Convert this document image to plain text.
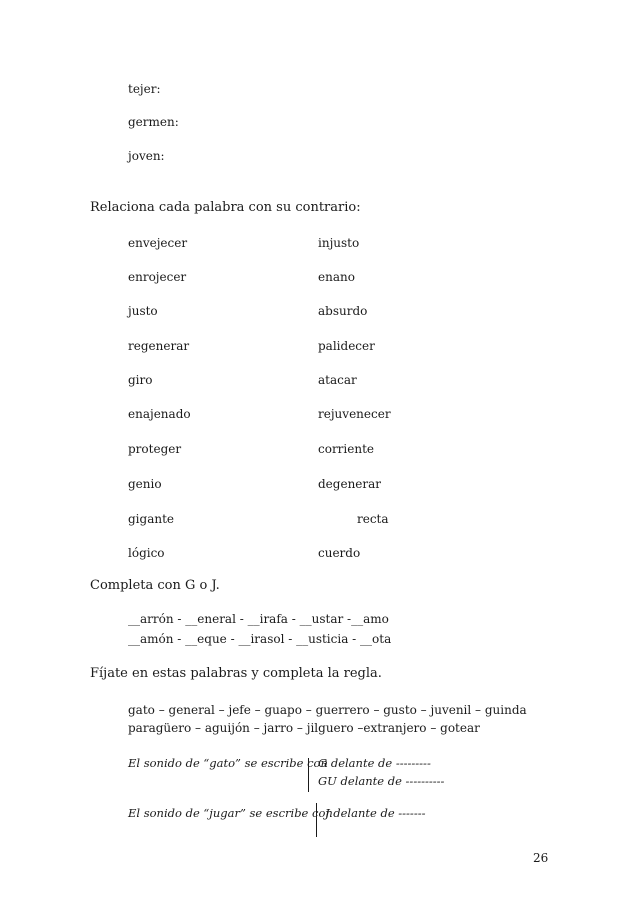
tejer:
germen:
joven:
Relaciona cada palabra con su contrario:
envejecer
enrojecer
justo
regenerar
giro
enajenado
proteger
genio
gigante
lógico
injusto
enano
absurdo
palidecer
atacar
rejuvenecer
corriente
degenerar
recta
cuerdo
Completa con G o J.
__arrón - __eneral - __irafa - __ustar -__amo
__amón - __eque - __irasol - __usticia - __ota
Fíjate en estas palabras y completa la regla.
gato – general – jefe – guapo – guerrero – gusto – juvenil – guinda
paragüero – aguijón – jarro – jilguero –extranjero – gotear
El sonido de “gato” se escribe con
G delante de ---------
GU delante de ----------
El sonido de “jugar” se escribe con
J delante de -------
26
